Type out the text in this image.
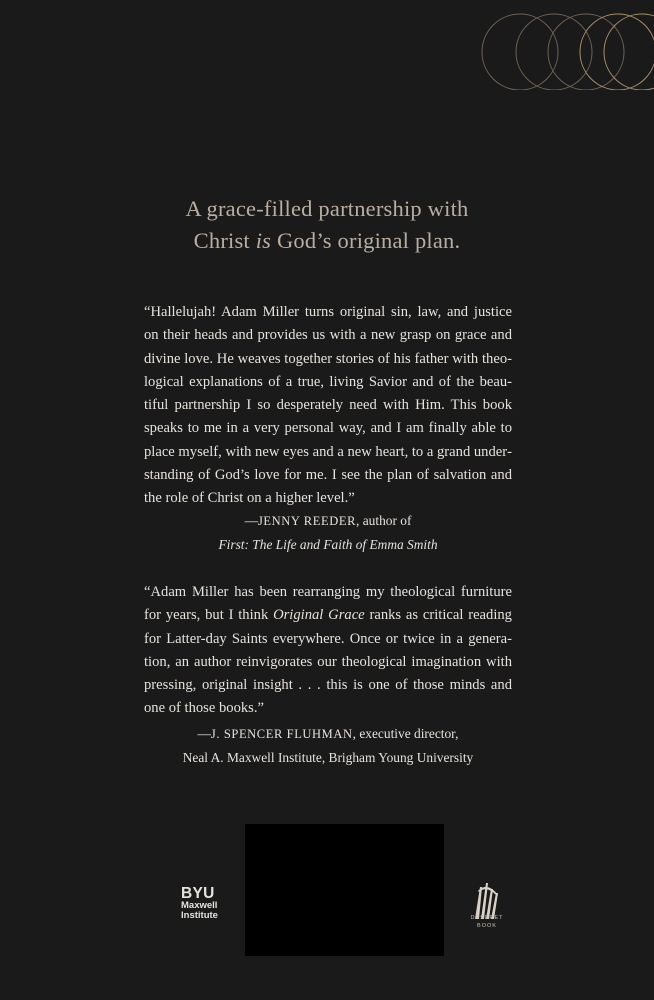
A grace-filled partnership with
Christ is God’s original plan.
“Hallelujah! Adam Miller turns original sin, law, and justice on their heads and provides us with a new grasp on grace and divine love. He weaves together stories of his father with theological explanations of a true, living Savior and of the beautiful partnership I so desperately need with Him. This book speaks to me in a very personal way, and I am finally able to place myself, with new eyes and a new heart, to a grand understanding of God’s love for me. I see the plan of salvation and the role of Christ on a higher level.”
—JENNY REEDER, author of
First: The Life and Faith of Emma Smith
“Adam Miller has been rearranging my theological furniture for years, but I think Original Grace ranks as critical reading for Latter-day Saints everywhere. Once or twice in a generation, an author reinvigorates our theological imagination with pressing, original insight . . . this is one of those minds and one of those books.”
—J. SPENCER FLUHMAN, executive director,
Neal A. Maxwell Institute, Brigham Young University
BYU
Maxwell
Institute	DESERET
BOOK
